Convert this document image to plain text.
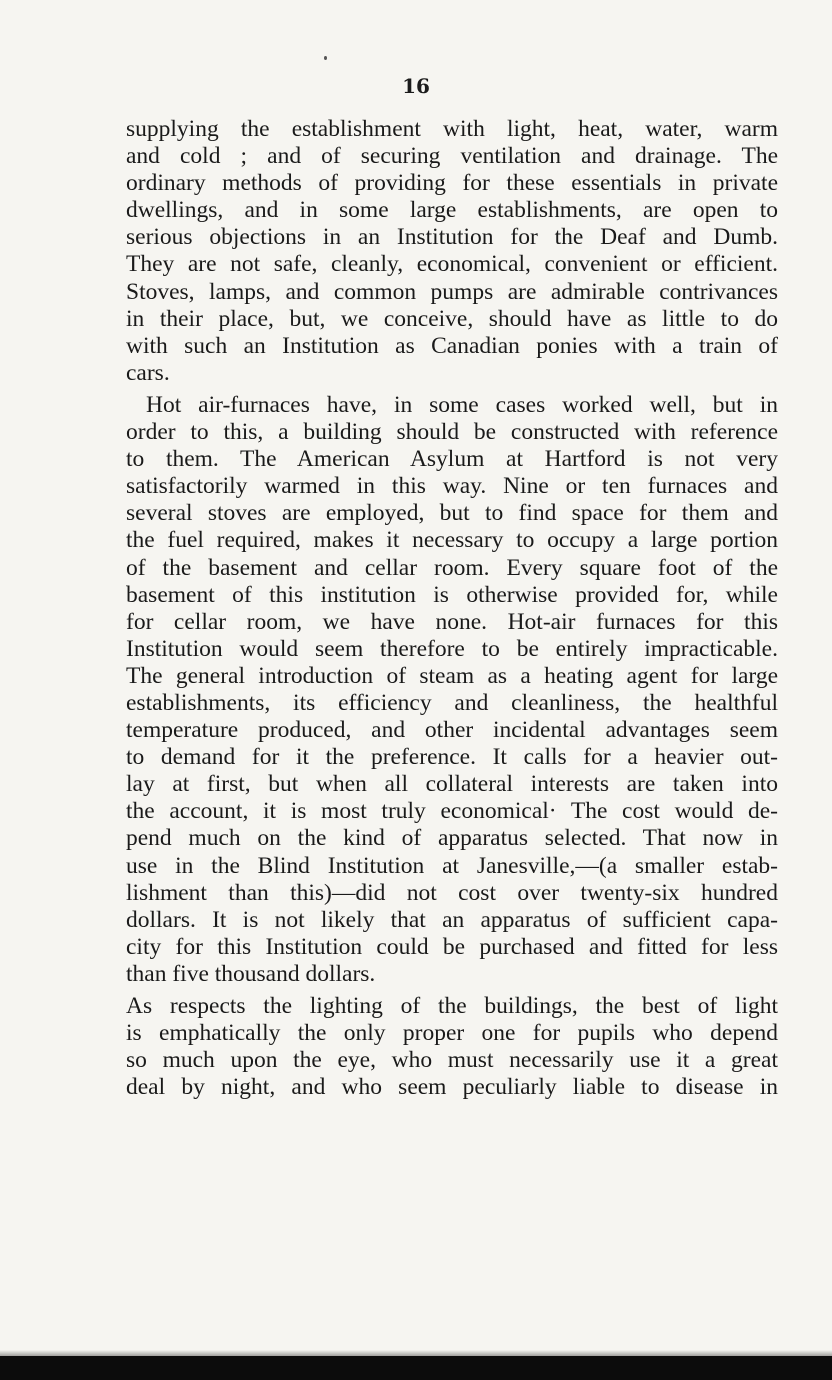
16
supplying the establishment with light, heat, water, warm
and cold ; and of securing ventilation and drainage. The
ordinary methods of providing for these essentials in private
dwellings, and in some large establishments, are open to
serious objections in an Institution for the Deaf and Dumb.
They are not safe, cleanly, economical, convenient or efficient.
Stoves, lamps, and common pumps are admirable contrivances
in their place, but, we conceive, should have as little to do
with such an Institution as Canadian ponies with a train of
cars.
Hot air-furnaces have, in some cases worked well, but in
order to this, a building should be constructed with reference
to them. The American Asylum at Hartford is not very
satisfactorily warmed in this way. Nine or ten furnaces and
several stoves are employed, but to find space for them and
the fuel required, makes it necessary to occupy a large portion
of the basement and cellar room. Every square foot of the
basement of this institution is otherwise provided for, while
for cellar room, we have none. Hot-air furnaces for this
Institution would seem therefore to be entirely impracticable.
The general introduction of steam as a heating agent for large
establishments, its efficiency and cleanliness, the healthful
temperature produced, and other incidental advantages seem
to demand for it the preference. It calls for a heavier out-
lay at first, but when all collateral interests are taken into
the account, it is most truly economical· The cost would de-
pend much on the kind of apparatus selected. That now in
use in the Blind Institution at Janesville,—(a smaller estab-
lishment than this)—did not cost over twenty-six hundred
dollars. It is not likely that an apparatus of sufficient capa-
city for this Institution could be purchased and fitted for less
than five thousand dollars.
As respects the lighting of the buildings, the best of light
is emphatically the only proper one for pupils who depend
so much upon the eye, who must necessarily use it a great
deal by night, and who seem peculiarly liable to disease in
